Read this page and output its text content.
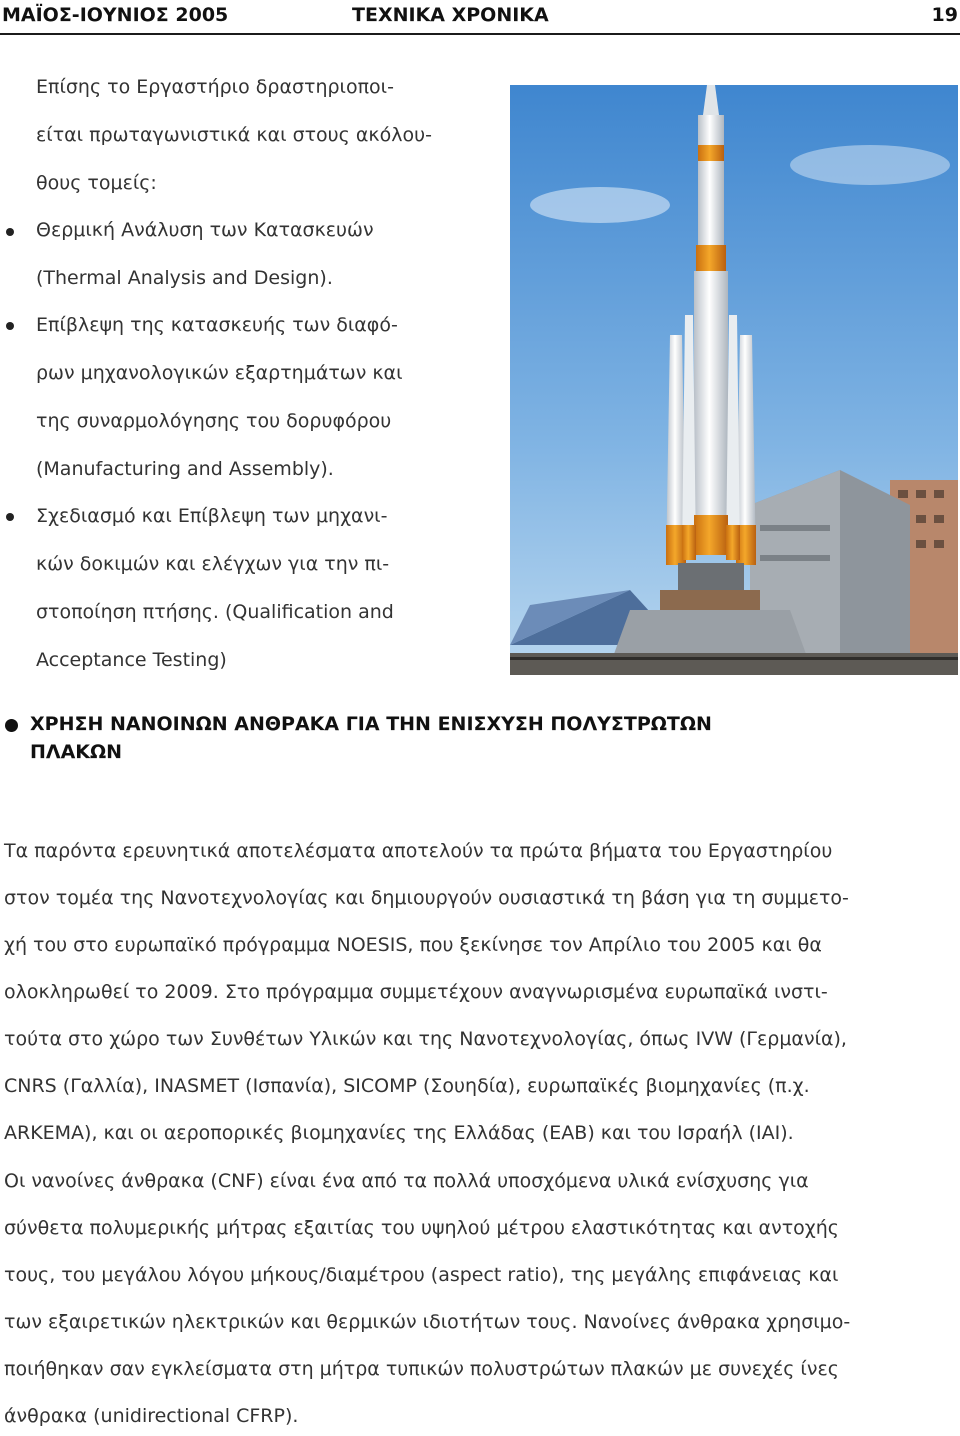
ΜΑΪΟΣ-ΙΟΥΝΙΟΣ 2005	ΤΕΧΝΙΚΑ ΧΡΟΝΙΚΑ	19
Επίσης το Εργαστήριο δραστηριοποι-
είται πρωταγωνιστικά και στους ακόλου-
θους τομείς:
Θερμική Ανάλυση των Κατασκευών
(Thermal Analysis and Design).
Επίβλεψη της κατασκευής των διαφό-
ρων μηχανολογικών εξαρτημάτων και
της συναρμολόγησης του δορυφόρου
(Manufacturing and Assembly).
Σχεδιασμό και Επίβλεψη των μηχανι-
κών δοκιμών και ελέγχων για την πι-
στοποίηση πτήσης. (Qualification and
Acceptance Testing)
ΧΡΗΣΗ ΝΑΝΟΙΝΩΝ ΑΝΘΡΑΚΑ ΓΙΑ ΤΗΝ ΕΝΙΣΧΥΣΗ ΠΟΛΥΣΤΡΩΤΩΝ
ΠΛΑΚΩΝ
Τα παρόντα ερευνητικά αποτελέσματα αποτελούν τα πρώτα βήματα του Εργαστηρίου
στον τομέα της Νανοτεχνολογίας και δημιουργούν ουσιαστικά τη βάση για τη συμμετο-
χή του στο ευρωπαϊκό πρόγραμμα NOESIS, που ξεκίνησε τον Απρίλιο του 2005 και θα
ολοκληρωθεί το 2009. Στο πρόγραμμα συμμετέχουν αναγνωρισμένα ευρωπαϊκά ινστι-
τούτα στο χώρο των Συνθέτων Υλικών και της Νανοτεχνολογίας, όπως IVW (Γερμανία),
CNRS (Γαλλία), INASMET (Ισπανία), SICOMP (Σουηδία), ευρωπαϊκές βιομηχανίες (π.χ.
ARKEMA), και οι αεροπορικές βιομηχανίες της Ελλάδας (ΕΑΒ) και του Ισραήλ (IAI).
Οι νανοίνες άνθρακα (CNF) είναι ένα από τα πολλά υποσχόμενα υλικά ενίσχυσης για
σύνθετα πολυμερικής μήτρας εξαιτίας του υψηλού μέτρου ελαστικότητας και αντοχής
τους, του μεγάλου λόγου μήκους/διαμέτρου (aspect ratio), της μεγάλης επιφάνειας και
των εξαιρετικών ηλεκτρικών και θερμικών ιδιοτήτων τους. Νανοίνες άνθρακα χρησιμο-
ποιήθηκαν σαν εγκλείσματα στη μήτρα τυπικών πολυστρώτων πλακών με συνεχές ίνες
άνθρακα (unidirectional CFRP).
